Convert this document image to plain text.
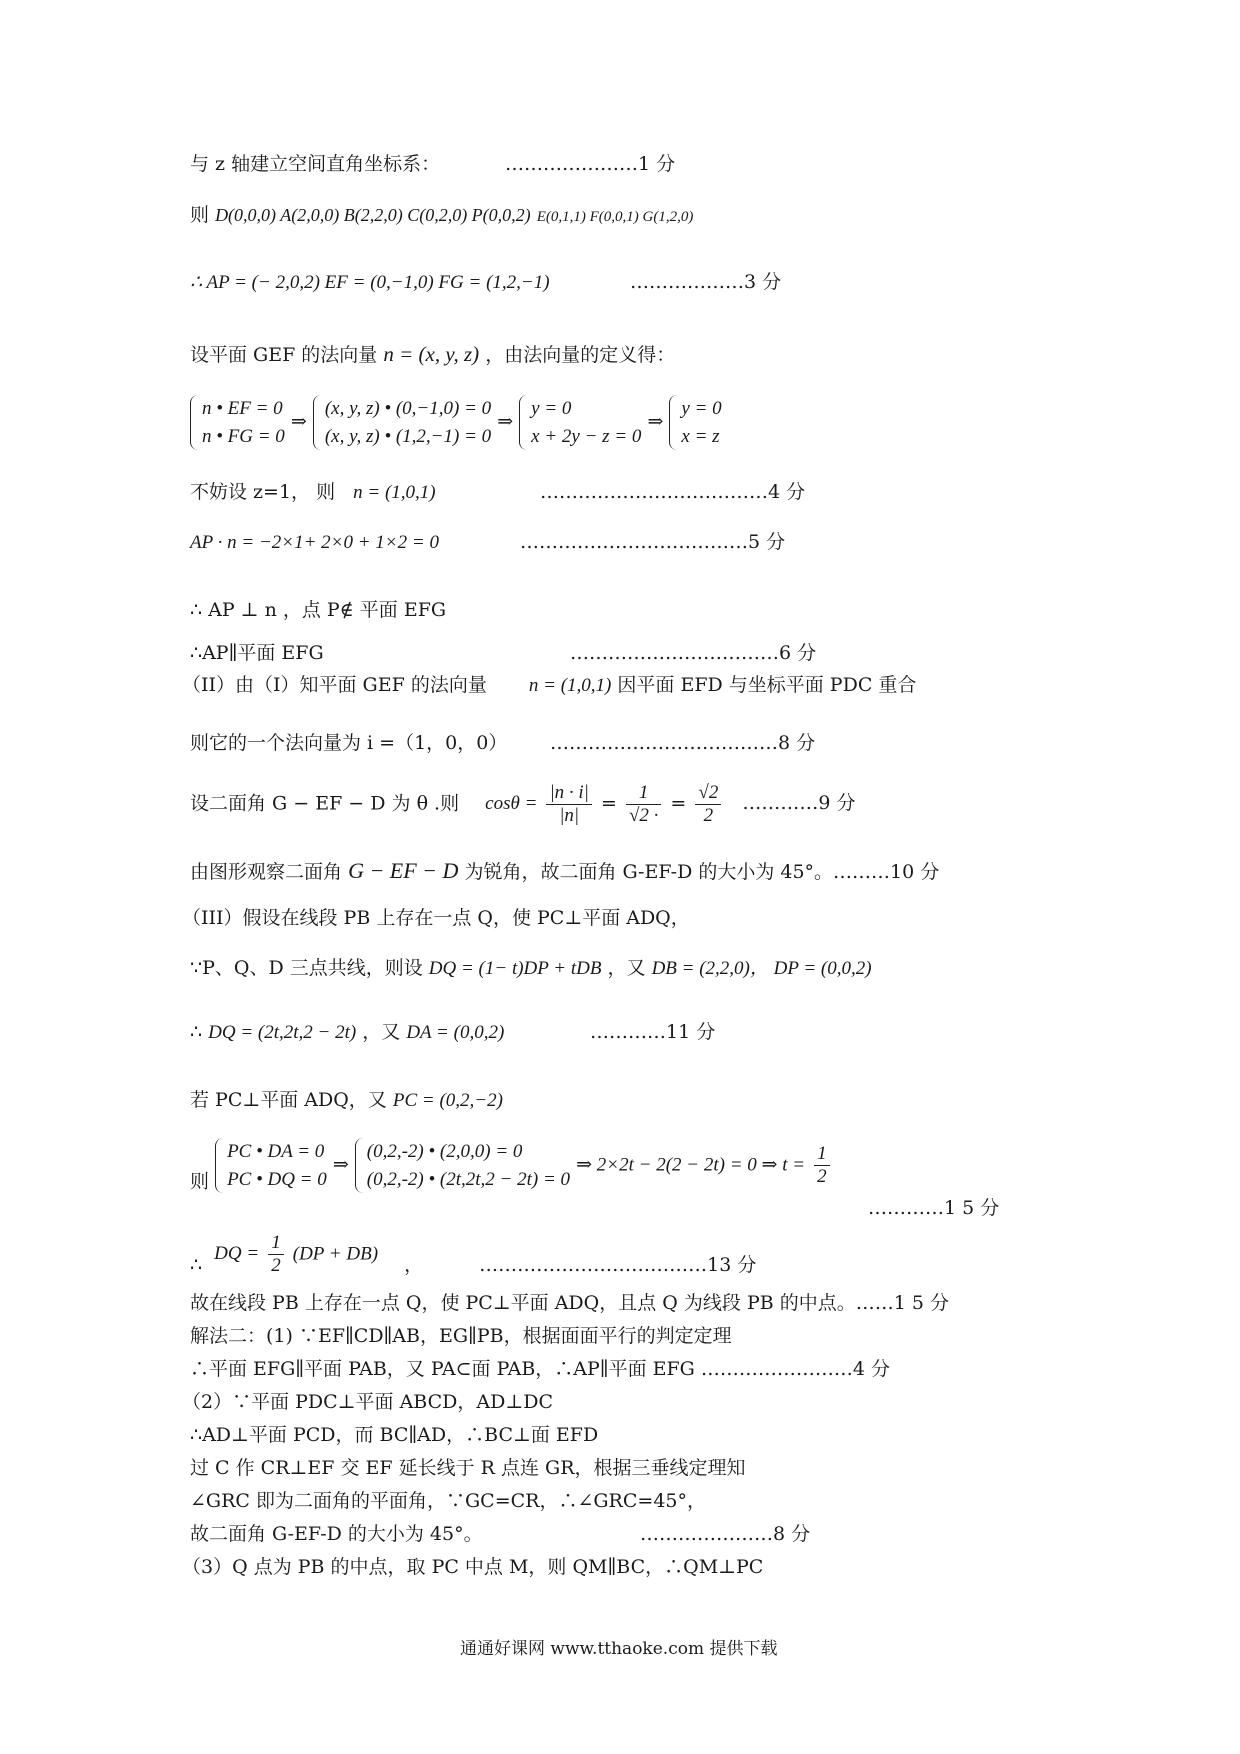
与 z 轴建立空间直角坐标系：	…………………1 分
则 D(0,0,0) A(2,0,0) B(2,2,0) C(0,2,0) P(0,0,2) E(0,1,1) F(0,0,1) G(1,2,0)
∴ AP = (− 2,0,2) EF = (0,−1,0) FG = (1,2,−1)	………………3 分
设平面 GEF 的法向量 n = (x, y, z) ，由法向量的定义得：
n • EF = 0
n • FG = 0
⇒
(x, y, z) • (0,−1,0) = 0
(x, y, z) • (1,2,−1) = 0
⇒
y = 0
x + 2y − z = 0
⇒
y = 0
x = z
不妨设 z=1， 则 n = (1,0,1)	………………………………4 分
AP · n = −2×1+ 2×0 + 1×2 = 0	………………………………5 分
∴ AP ⊥ n ，点 P∉ 平面 EFG
∴AP∥平面 EFG	……………………………6 分
（II）由（I）知平面 GEF 的法向量 n = (1,0,1) 因平面 EFD 与坐标平面 PDC 重合
则它的一个法向量为 i =（1，0，0） ………………………………8 分
设二面角 G − EF − D 为 θ .则 $\cos\theta = \frac{|n \cdot i|}{|n|} = \frac{1}{√2 \cdot} = \frac{√2}{2}$ …………9 分
由图形观察二面角 G − EF − D 为锐角，故二面角 G-EF-D 的大小为 45°。………10 分
（III）假设在线段 PB 上存在一点 Q，使 PC⊥平面 ADQ，
∵P、Q、D 三点共线，则设 DQ = (1− t)DP + tDB ，又 DB = (2,2,0)， DP = (0,0,2)
∴ DQ = (2t,2t,2 − 2t) ，又 DA = (0,0,2)	…………11 分
若 PC⊥平面 ADQ，又 PC = (0,2,−2)
则
PC • DA = 0
PC • DQ = 0
⇒
(0,2,-2) • (2,0,0) = 0
(0,2,-2) • (2t,2t,2 − 2t) = 0
⇒ 2×2t − 2(2 − 2t) = 0 ⇒ $t = \frac{1}{2}$
…………1 5 分
∴ DQ = $\frac{1}{2} (DP + DB)$ ，	………………………………13 分
故在线段 PB 上存在一点 Q，使 PC⊥平面 ADQ，且点 Q 为线段 PB 的中点。……1 5 分
解法二：(1) ∵EF∥CD∥AB，EG∥PB，根据面面平行的判定定理
∴平面 EFG∥平面 PAB，又 PA⊂面 PAB，∴AP∥平面 EFG ……………………4 分
（2）∵平面 PDC⊥平面 ABCD，AD⊥DC
∴AD⊥平面 PCD，而 BC∥AD，∴BC⊥面 EFD
过 C 作 CR⊥EF 交 EF 延长线于 R 点连 GR，根据三垂线定理知
∠GRC 即为二面角的平面角，∵GC=CR，∴∠GRC=45°，
故二面角 G-EF-D 的大小为 45°。	…………………8 分
（3）Q 点为 PB 的中点，取 PC 中点 M，则 QM∥BC，∴QM⊥PC
通通好课网 www.tthaoke.com 提供下载
